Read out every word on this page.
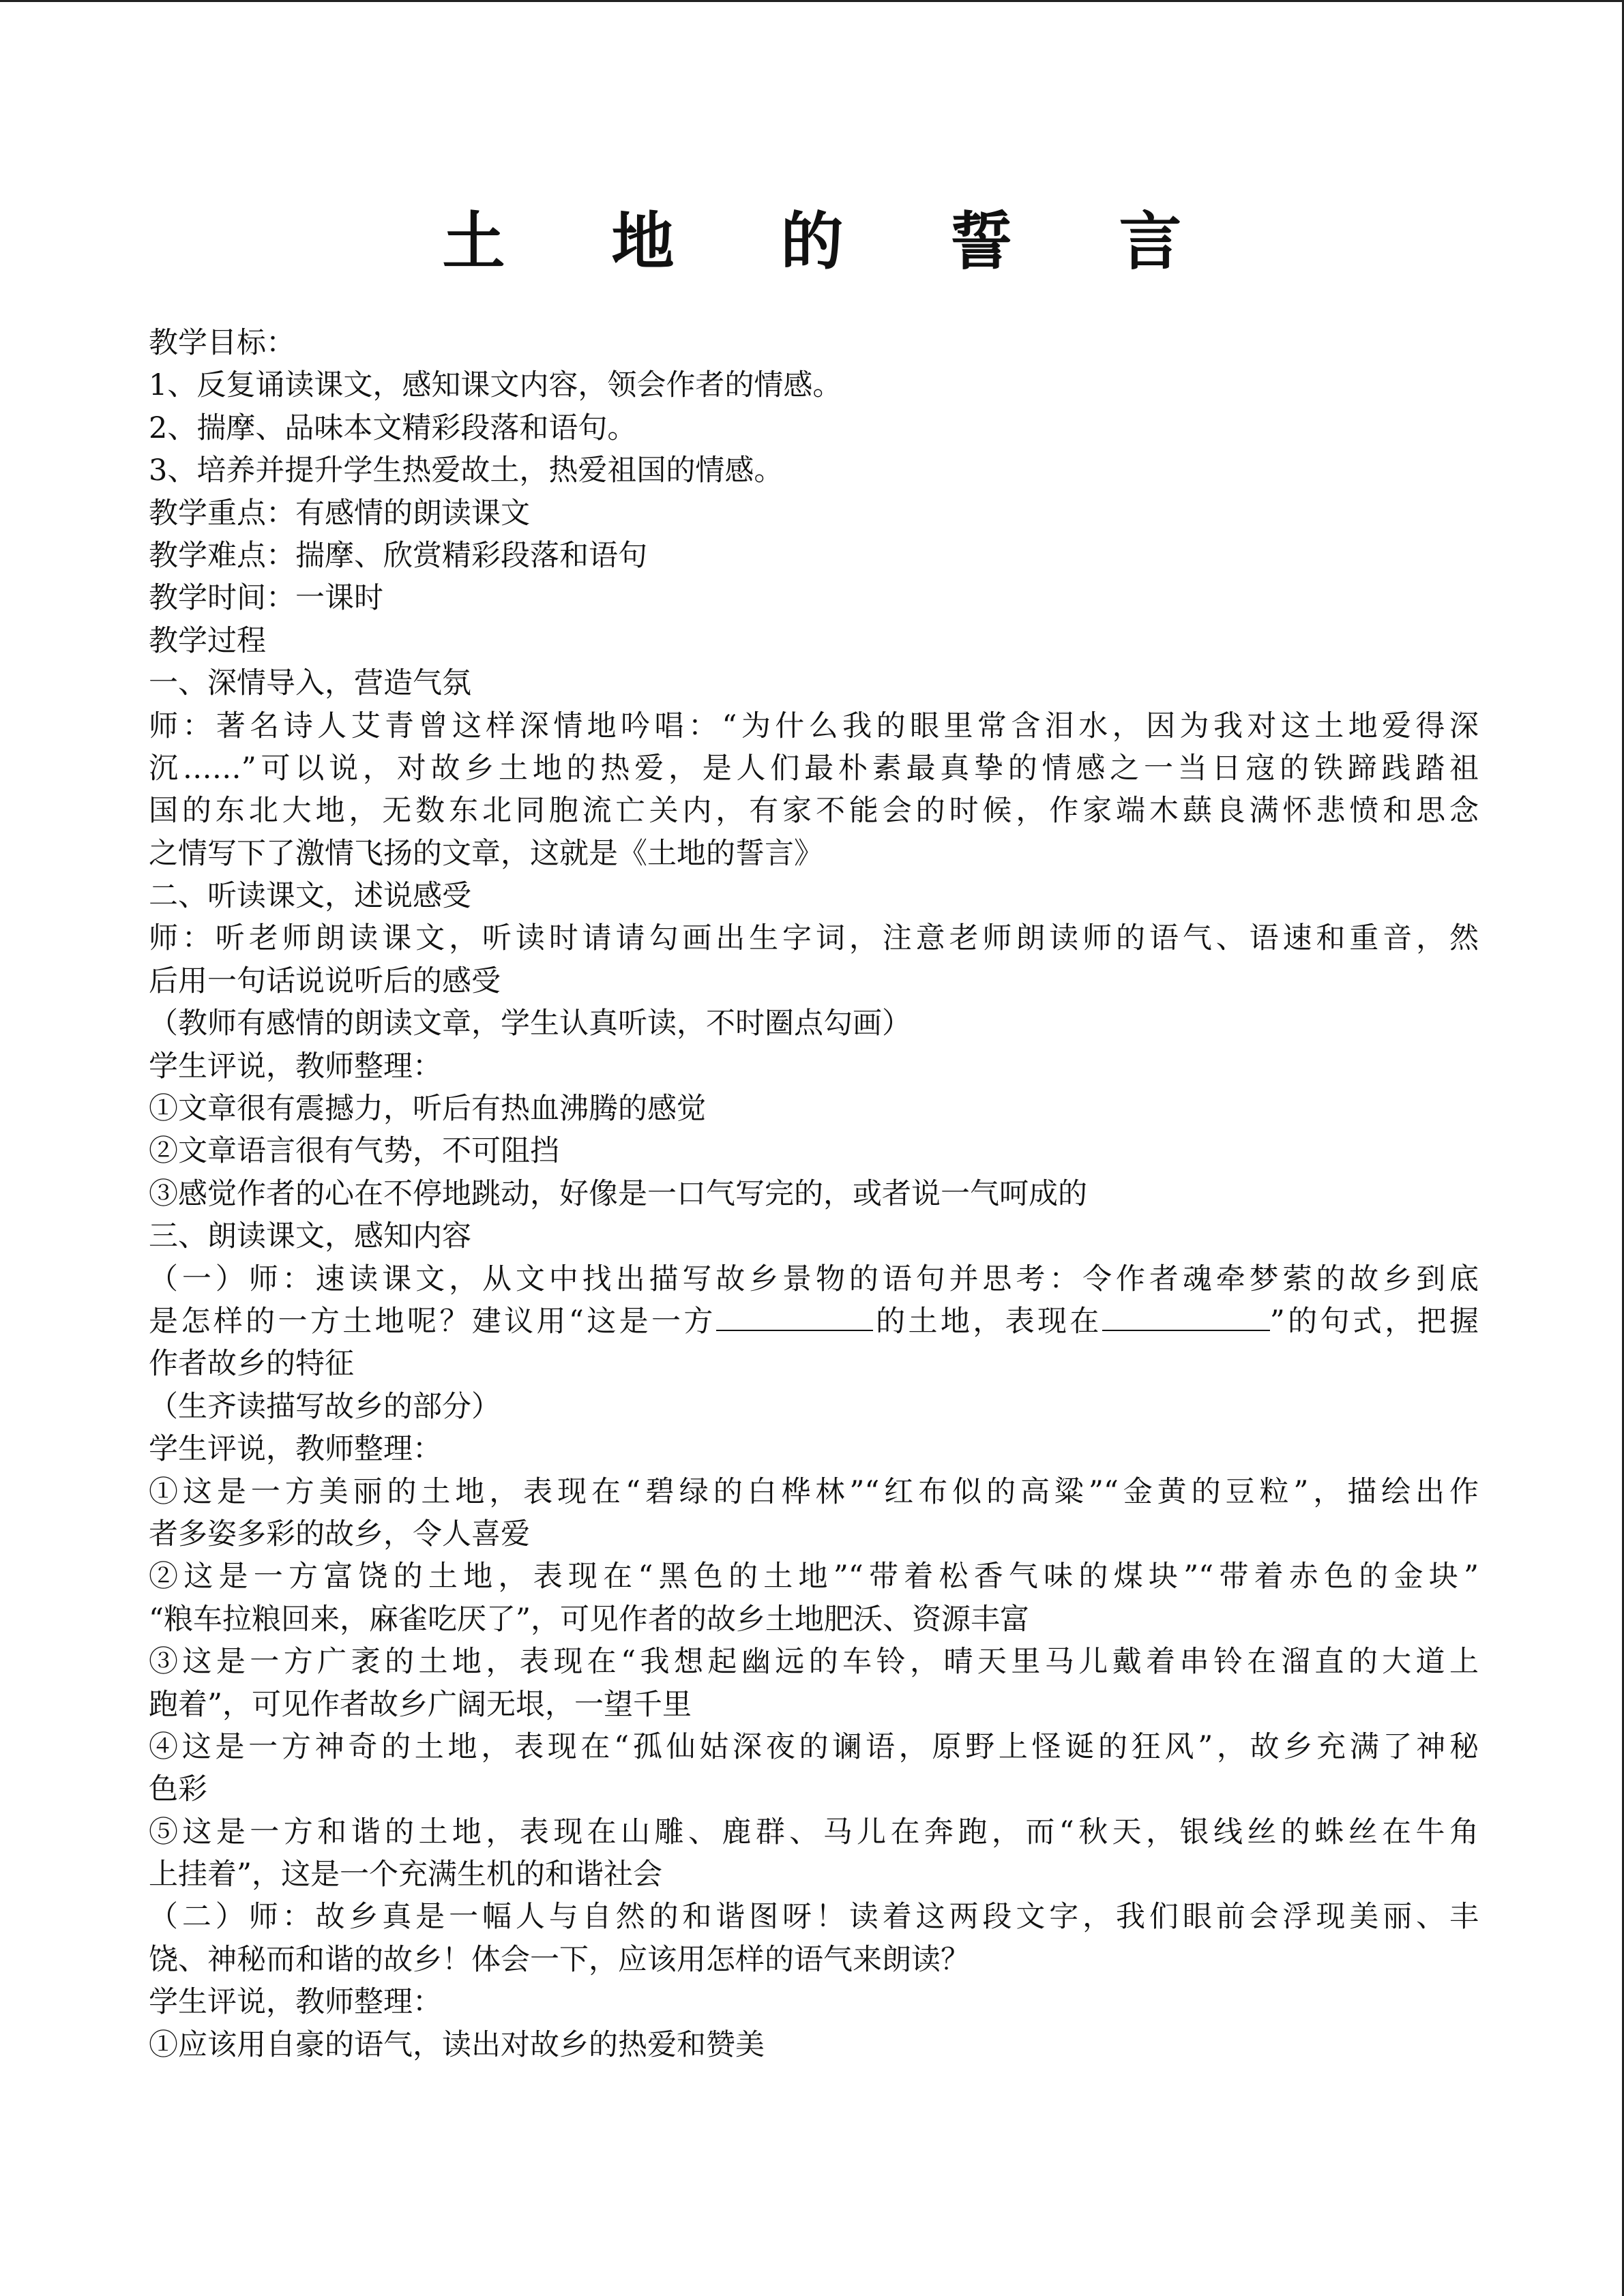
土 地 的 誓 言
教学目标：
1、反复诵读课文，感知课文内容，领会作者的情感。
2、揣摩、品味本文精彩段落和语句。
3、培养并提升学生热爱故土，热爱祖国的情感。
教学重点：有感情的朗读课文
教学难点：揣摩、欣赏精彩段落和语句
教学时间：一课时
教学过程
一、深情导入，营造气氛
师：著名诗人艾青曾这样深情地吟唱：“为什么我的眼里常含泪水，因为我对这土地爱得深
沉……”可以说，对故乡土地的热爱，是人们最朴素最真挚的情感之一当日寇的铁蹄践踏祖
国的东北大地，无数东北同胞流亡关内，有家不能会的时候，作家端木蕻良满怀悲愤和思念
之情写下了激情飞扬的文章，这就是《土地的誓言》
二、听读课文，述说感受
师：听老师朗读课文，听读时请请勾画出生字词，注意老师朗读师的语气、语速和重音，然
后用一句话说说听后的感受
（教师有感情的朗读文章，学生认真听读，不时圈点勾画）
学生评说，教师整理：
①文章很有震撼力，听后有热血沸腾的感觉
②文章语言很有气势，不可阻挡
③感觉作者的心在不停地跳动，好像是一口气写完的，或者说一气呵成的
三、朗读课文，感知内容
（一）师：速读课文，从文中找出描写故乡景物的语句并思考：令作者魂牵梦萦的故乡到底
是怎样的一方土地呢？建议用“这是一方	的土地，表现在	”的句式，把握
作者故乡的特征
（生齐读描写故乡的部分）
学生评说，教师整理：
①这是一方美丽的土地，表现在“碧绿的白桦林”“红布似的高粱”“金黄的豆粒”，描绘出作
者多姿多彩的故乡，令人喜爱
②这是一方富饶的土地，表现在“黑色的土地”“带着松香气味的煤块”“带着赤色的金块”
“粮车拉粮回来，麻雀吃厌了”，可见作者的故乡土地肥沃、资源丰富
③这是一方广袤的土地，表现在“我想起幽远的车铃，晴天里马儿戴着串铃在溜直的大道上
跑着”，可见作者故乡广阔无垠，一望千里
④这是一方神奇的土地，表现在“孤仙姑深夜的谰语，原野上怪诞的狂风”，故乡充满了神秘
色彩
⑤这是一方和谐的土地，表现在山雕、鹿群、马儿在奔跑，而“秋天，银线丝的蛛丝在牛角
上挂着”，这是一个充满生机的和谐社会
（二）师：故乡真是一幅人与自然的和谐图呀！读着这两段文字，我们眼前会浮现美丽、丰
饶、神秘而和谐的故乡！体会一下，应该用怎样的语气来朗读？
学生评说，教师整理：
①应该用自豪的语气，读出对故乡的热爱和赞美
